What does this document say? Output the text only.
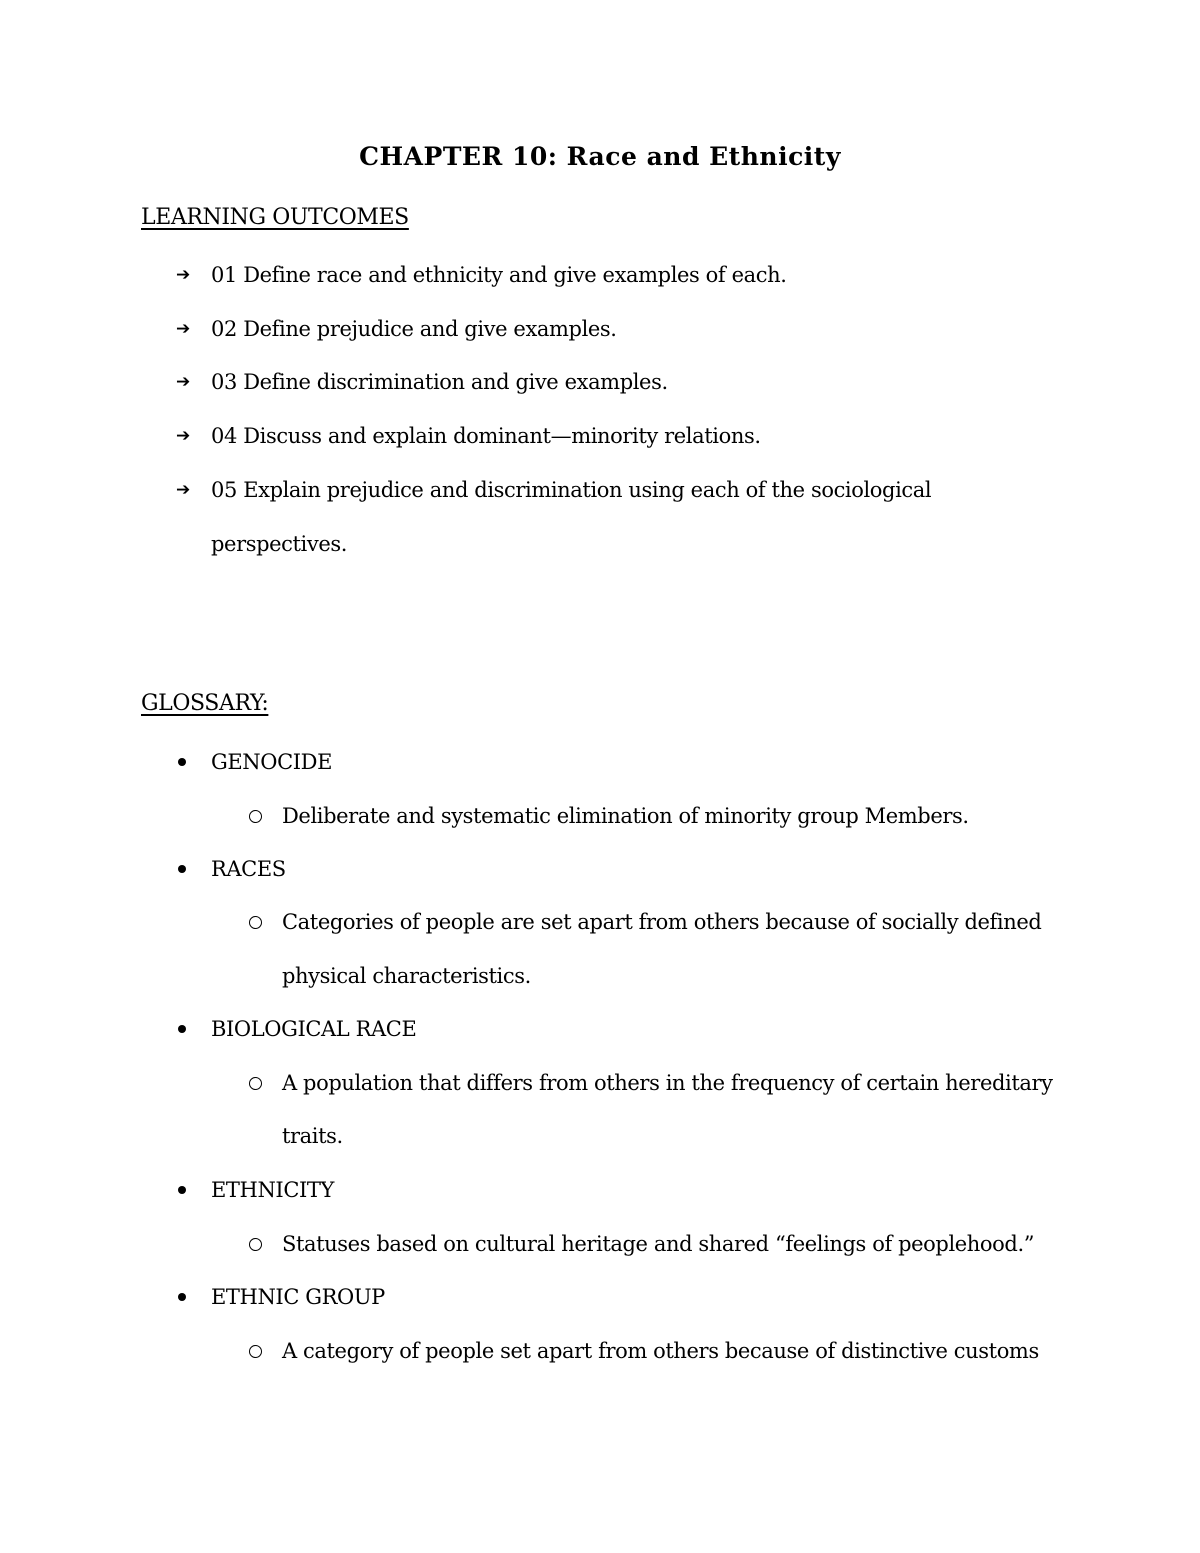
CHAPTER 10: Race and Ethnicity
LEARNING OUTCOMES
➔ 01 Define race and ethnicity and give examples of each.
➔ 02 Define prejudice and give examples.
➔ 03 Define discrimination and give examples.
➔ 04 Discuss and explain dominant—minority relations.
➔ 05 Explain prejudice and discrimination using each of the sociological
perspectives.
GLOSSARY:
GENOCIDE
Deliberate and systematic elimination of minority group Members.
RACES
Categories of people are set apart from others because of socially defined
physical characteristics.
BIOLOGICAL RACE
A population that differs from others in the frequency of certain hereditary
traits.
ETHNICITY
Statuses based on cultural heritage and shared “feelings of peoplehood.”
ETHNIC GROUP
A category of people set apart from others because of distinctive customs
